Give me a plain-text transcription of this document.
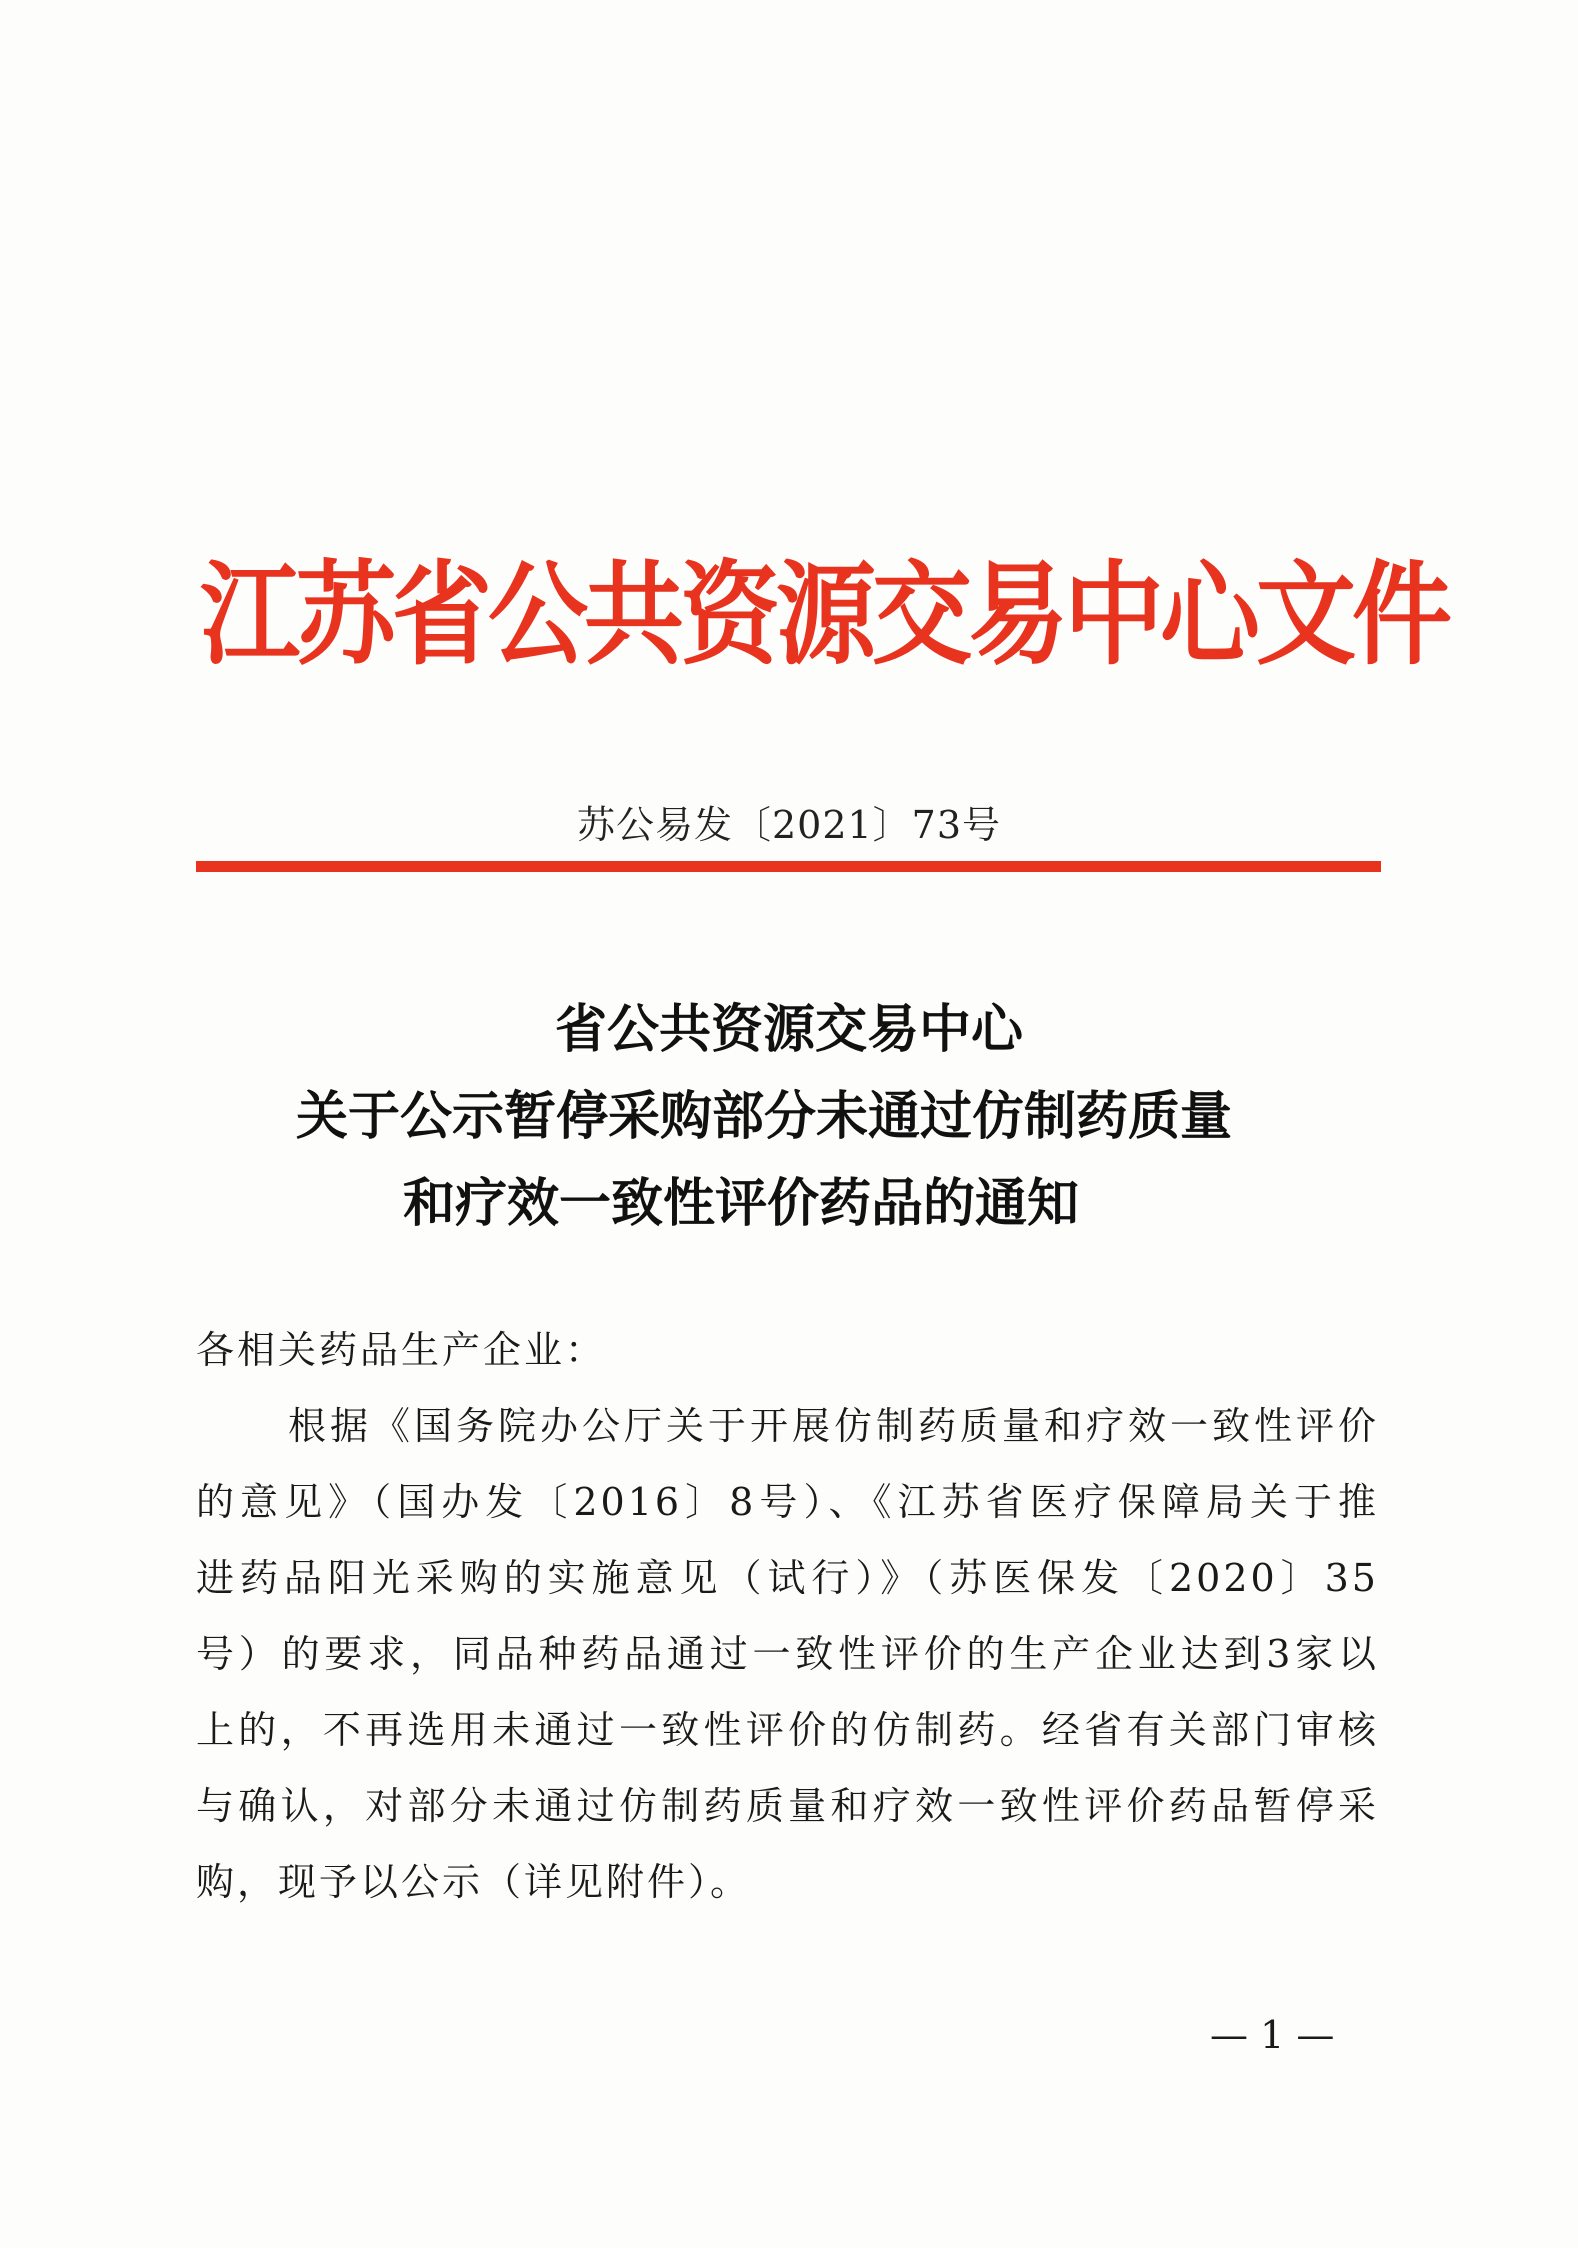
江苏省公共资源交易中心文件
苏公易发〔2021〕73号
省公共资源交易中心
关于公示暂停采购部分未通过仿制药质量
和疗效一致性评价药品的通知
各相关药品生产企业：
根据《国务院办公厅关于开展仿制药质量和疗效一致性评价
的意见》（国办发〔2016〕8号）、《江苏省医疗保障局关于推
进药品阳光采购的实施意见（试行）》（苏医保发〔2020〕35
号）的要求，同品种药品通过一致性评价的生产企业达到3家以
上的，不再选用未通过一致性评价的仿制药。经省有关部门审核
与确认，对部分未通过仿制药质量和疗效一致性评价药品暂停采
购，现予以公示（详见附件）。
— 1 —
